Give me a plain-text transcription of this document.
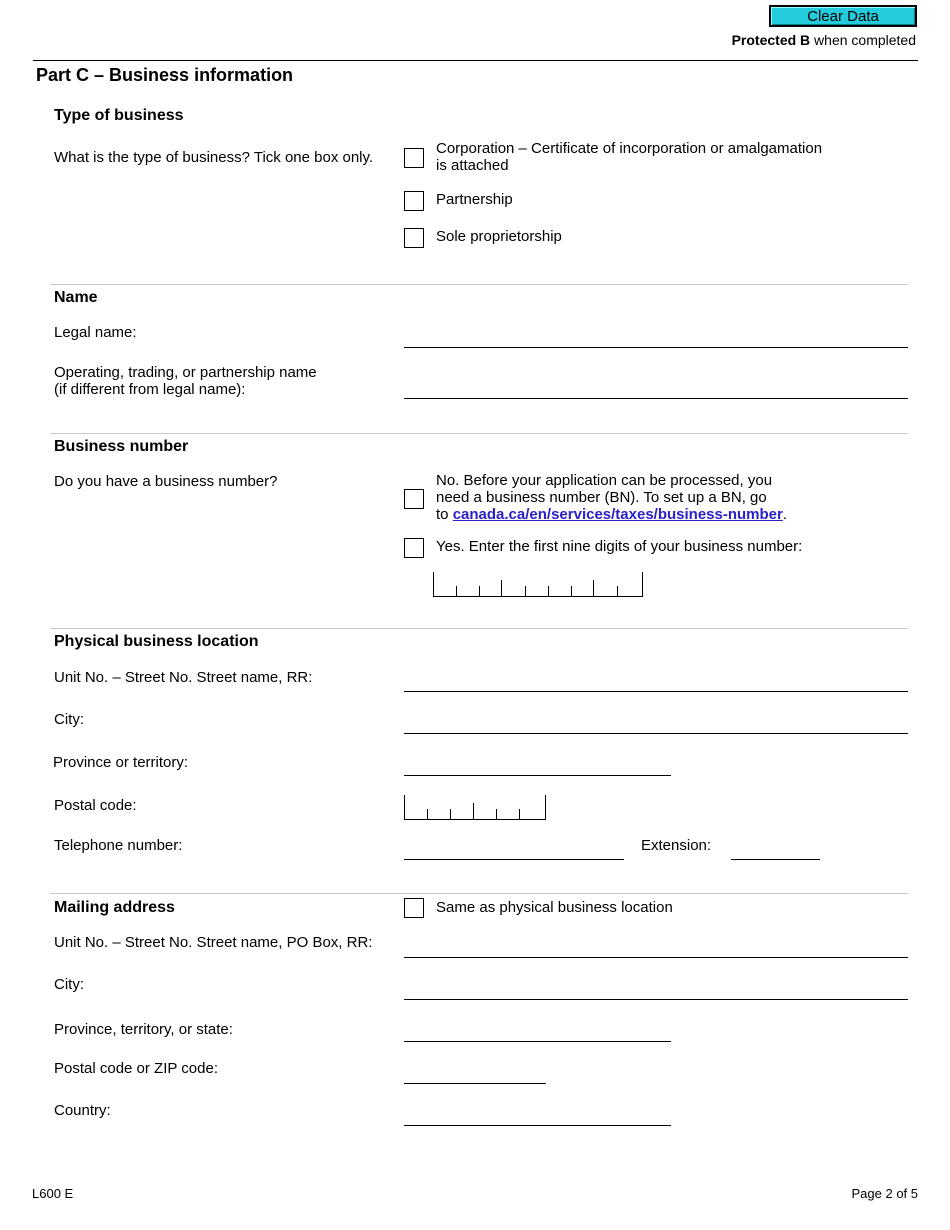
Clear Data
Protected B when completed
Part C – Business information
Type of business
What is the type of business? Tick one box only.
Corporation – Certificate of incorporation or amalgamation
is attached
Partnership
Sole proprietorship
Name
Legal name:
Operating, trading, or partnership name
(if different from legal name):
Business number
Do you have a business number?	No. Before your application can be processed, you
need a business number (BN). To set up a BN, go
to canada.ca/en/services/taxes/business-number.
Yes. Enter the first nine digits of your business number:
Physical business location
Unit No. – Street No. Street name, RR:
City:
Province or territory:
Postal code:
Telephone number:	Extension:
Mailing address	Same as physical business location
Unit No. – Street No. Street name, PO Box, RR:
City:
Province, territory, or state:
Postal code or ZIP code:
Country:
L600 E	Page 2 of 5
